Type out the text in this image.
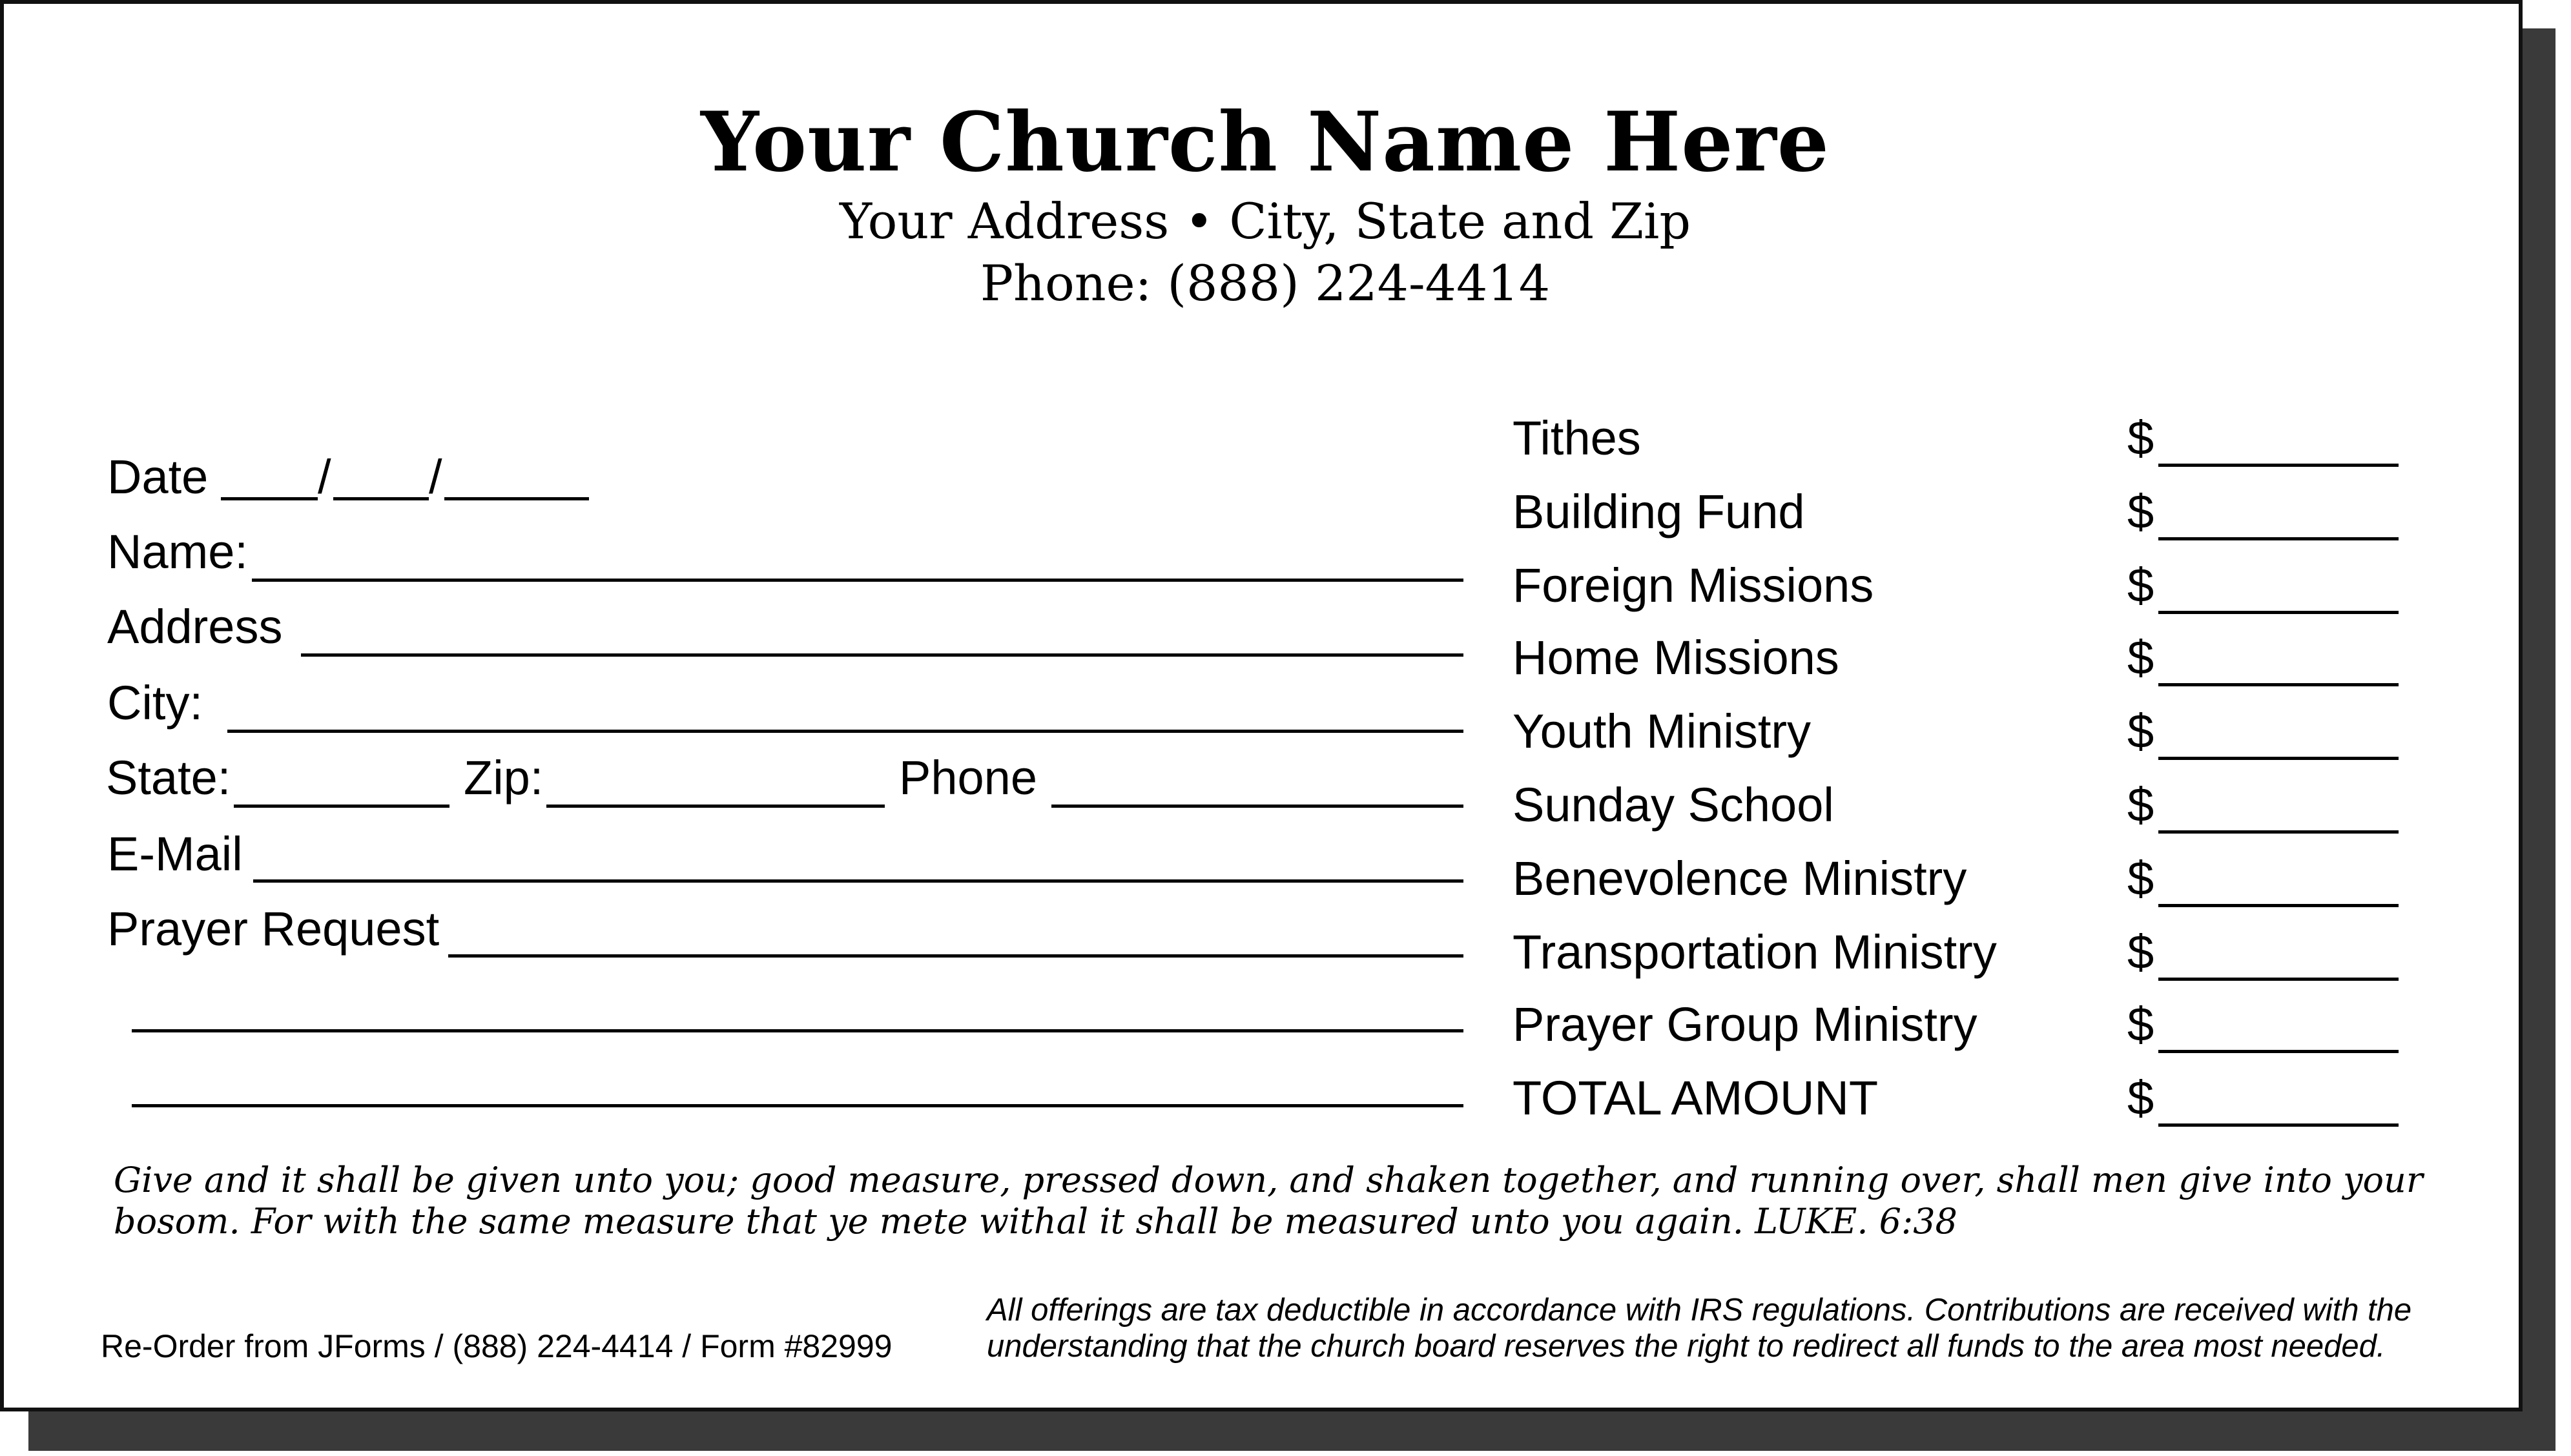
Your Church Name Here
Your Address • City, State and Zip
Phone: (888) 224-4414
Date / /
Name:
Address
City:
State:	Zip:	Phone
E-Mail
Prayer Request
Tithes	$
Building Fund	$
Foreign Missions	$
Home Missions	$
Youth Ministry	$
Sunday School	$
Benevolence Ministry	$
Transportation Ministry	$
Prayer Group Ministry	$
TOTAL AMOUNT	$
Give and it shall be given unto you; good measure, pressed down, and shaken together, and running over, shall men give into your bosom. For with the same measure that ye mete withal it shall be measured unto you again. LUKE. 6:38
Re-Order from JForms / (888) 224-4414 / Form #82999
All offerings are tax deductible in accordance with IRS regulations. Contributions are received with the understanding that the church board reserves the right to redirect all funds to the area most needed.
